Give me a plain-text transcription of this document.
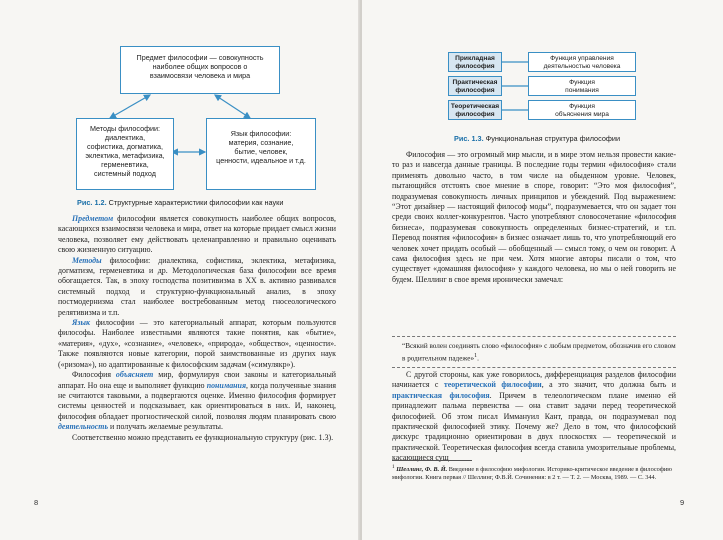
Предмет философии — совокупность
наиболее общих вопросов о
взаимосвязи человека и мира
Методы философии:
диалектика,
софистика, догматика,
эклектика, метафизика,
герменевтика,
системный подход
Язык философии:
материя, сознание,
бытие, человек,
ценности, идеальное и т.д.
Рис. 1.2. Структурные характеристики философии как науки

Предметом философии является совокупность наиболее общих вопросов, касающихся взаимосвязи человека и мира, ответ на которые придает смысл жизни человека, позволяет ему действовать целенаправленно и правильно оценивать свою жизненную ситуацию.

Методы философии: диалектика, софистика, эклектика, метафизика, догматизм, герменевтика и др. Методологическая база философии все время обогащается. Так, в эпоху господства позитивизма в XX в. активно развивался системный подход и структурно-функциональный анализ, в эпоху постмодернизма стал наиболее востребованным метод гносеологического релятивизма и т.п.

Язык философии — это категориальный аппарат, которым пользуются философы. Наиболее известными являются такие понятия, как «бытие», «материя», «дух», «сознание», «человек», «природа», «общество», «ценности». Также появляются новые категории, порой заимствованные из других наук («ризома»), но адаптированные к философским задачам («симулякр»).

Философия объясняет мир, формулируя свои законы и категориальный аппарат. Но она еще и выполняет функцию понимания, когда полученные знания не считаются таковыми, а подвергаются оценке. Именно философия формирует системы ценностей и подсказывает, как ориентироваться в них. И, наконец, философия обладает прогностической силой, позволяя людям планировать свою деятельность и получать желаемые результаты.

Соответственно можно представить ее функциональную структуру (рис. 1.3).

8
Прикладная
философия
Функция управления
деятельностью человека
Практическая
философия
Функция
понимания
Теоретическая
философия
Функция
объяснения мира
Рис. 1.3. Функциональная структура философии

Философия — это огромный мир мысли, и в мире этом нельзя провести какие-то раз и навсегда данные границы. В последние годы термин «философия» стали применять довольно часто, в том числе на обыденном уровне. Человек, пытающийся отстоять свое мнение в споре, говорит: “Это моя философия”, подразумевая совокупность личных принципов и убеждений. Под выражением: “Этот дизайнер — настоящий философ моды”, подразумевается, что он задает тон среди своих коллег-конкурентов. Часто употребляют словосочетание «философия бизнеса», подразумевая совокупность определенных бизнес-стратегий, и т.п. Перевод понятия «философия» в бизнес означает лишь то, что употребляющий его человек хочет придать особый — обобщенный — смысл тому, о чем он говорит. А сама философия здесь не при чем. Хотя многие авторы писали о том, что существует «домашняя философия» у каждого человека, но мы о ней говорить не будем. Шеллинг в свое время иронически замечал:

“Всякий волен соединять слово «философия» с любым предметом, обозначив его словом в родительном падеже»$^1$.

С другой стороны, как уже говорилось, дифференциация разделов философии начинается с теоретической философии, а это значит, что должна быть и практическая философия. Причем в телеологическом плане именно ей принадлежит пальма первенства — она ставит задачи перед теоретической философией. Об этом писал Иммануил Кант, правда, он подразумевал под практической философией этику. Почему же? Дело в том, что философский дискурс традиционно ориентирован в двух плоскостях — теоретической и практической. Теоретическая философия всегда ставила умозрительные проблемы, касающиеся сущ

$^1$ Шеллинг, Ф. В. Й. Введение в философию мифологии. Историко-критическое введение в философию мифологии. Книга первая // Шеллинг, Ф.В.Й. Сочинения: в 2 т. — Т. 2. — Москва, 1989. — С. 344.
9
